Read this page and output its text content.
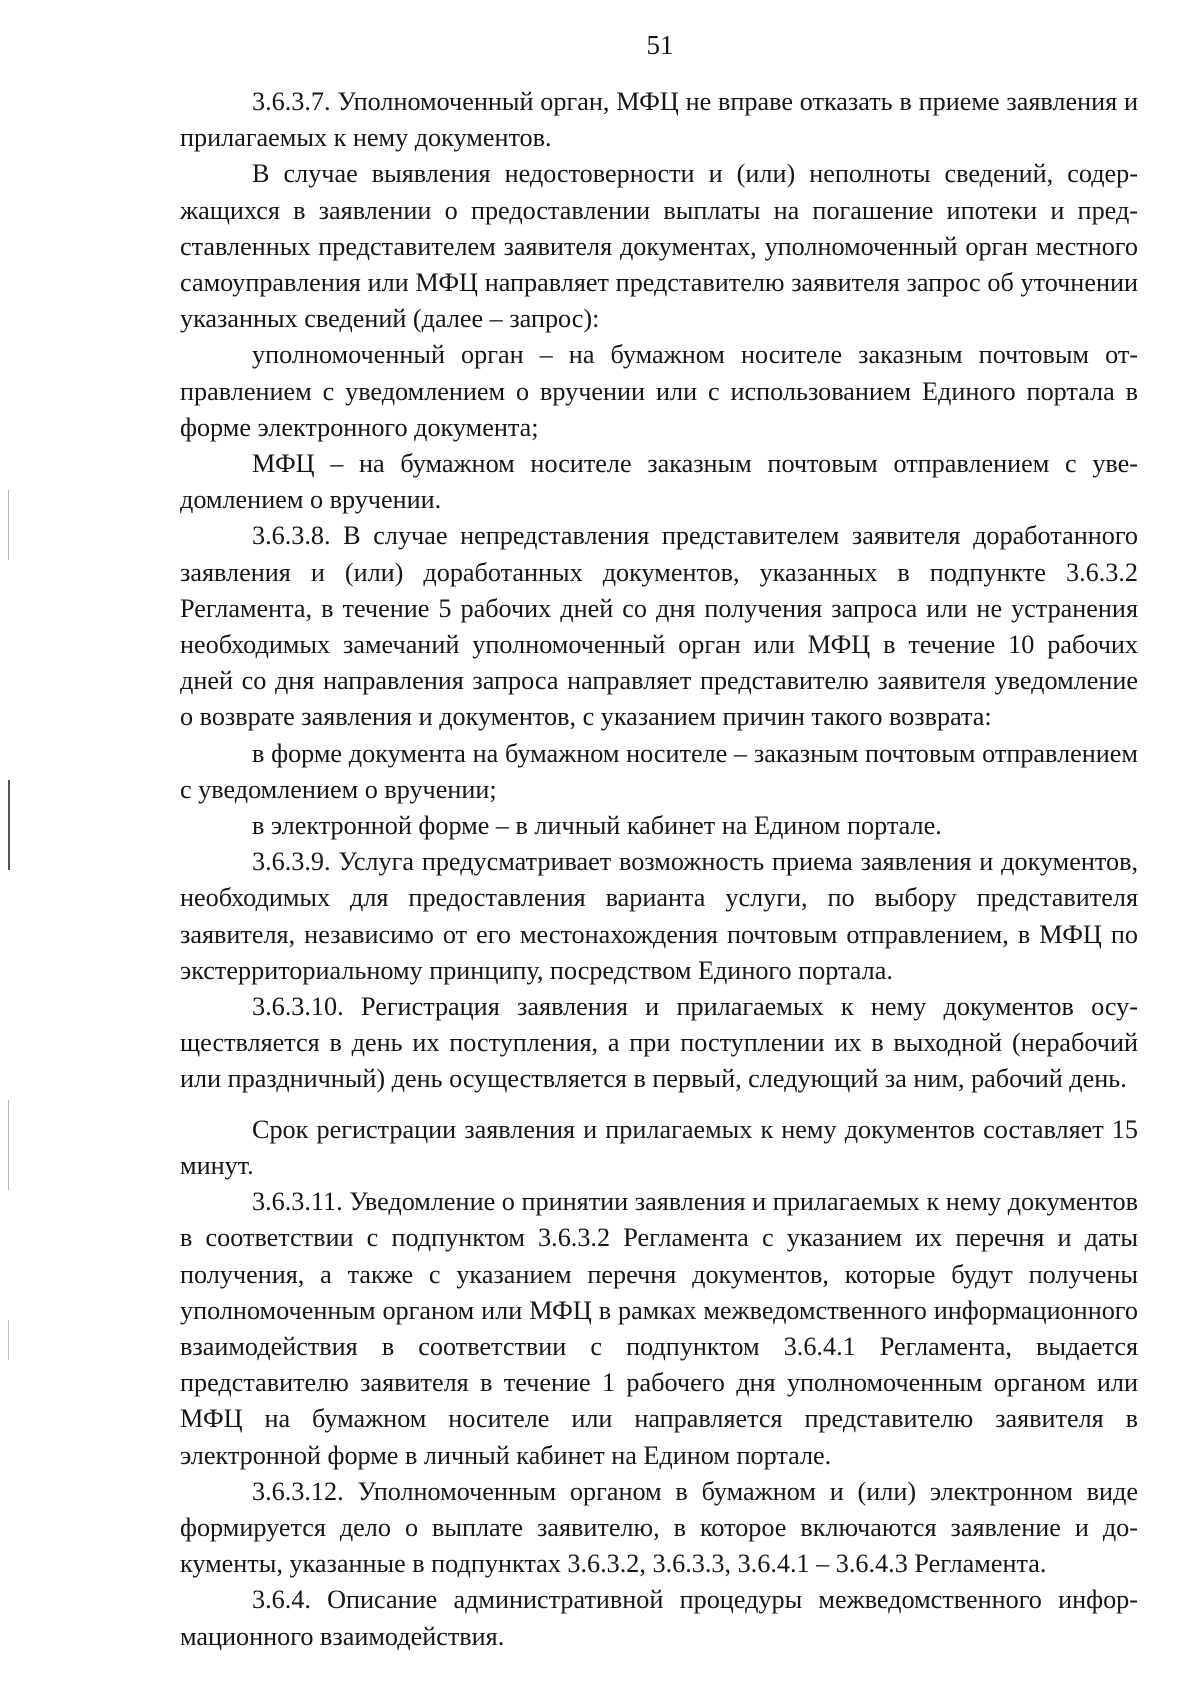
51

3.6.3.7. Уполномоченный орган, МФЦ не вправе отказать в приеме заявления и прилагаемых к нему документов.

В случае выявления недостоверности и (или) неполноты сведений, содержащихся в заявлении о предоставлении выплаты на погашение ипотеки и представленных представителем заявителя документах, уполномоченный орган местного самоуправления или МФЦ направляет представителю заявителя запрос об уточнении указанных сведений (далее – запрос):

уполномоченный орган – на бумажном носителе заказным почтовым отправлением с уведомлением о вручении или с использованием Единого портала в форме электронного документа;

МФЦ – на бумажном носителе заказным почтовым отправлением с уведомлением о вручении.

3.6.3.8. В случае непредставления представителем заявителя доработанного заявления и (или) доработанных документов, указанных в подпункте 3.6.3.2 Регламента, в течение 5 рабочих дней со дня получения запроса или не устранения необходимых замечаний уполномоченный орган или МФЦ в течение 10 рабочих дней со дня направления запроса направляет представителю заявителя уведомление о возврате заявления и документов, с указанием причин такого возврата:

в форме документа на бумажном носителе – заказным почтовым отправлением с уведомлением о вручении;

в электронной форме – в личный кабинет на Едином портале.

3.6.3.9. Услуга предусматривает возможность приема заявления и документов, необходимых для предоставления варианта услуги, по выбору представителя заявителя, независимо от его местонахождения почтовым отправлением, в МФЦ по экстерриториальному принципу, посредством Единого портала.

3.6.3.10. Регистрация заявления и прилагаемых к нему документов осуществляется в день их поступления, а при поступлении их в выходной (нерабочий или праздничный) день осуществляется в первый, следующий за ним, рабочий день.

Срок регистрации заявления и прилагаемых к нему документов составляет 15 минут.

3.6.3.11. Уведомление о принятии заявления и прилагаемых к нему документов в соответствии с подпунктом 3.6.3.2 Регламента с указанием их перечня и даты получения, а также с указанием перечня документов, которые будут получены уполномоченным органом или МФЦ в рамках межведомственного информационного взаимодействия в соответствии с подпунктом 3.6.4.1 Регламента, выдается представителю заявителя в течение 1 рабочего дня уполномоченным органом или МФЦ на бумажном носителе или направляется представителю заявителя в электронной форме в личный кабинет на Едином портале.

3.6.3.12. Уполномоченным органом в бумажном и (или) электронном виде формируется дело о выплате заявителю, в которое включаются заявление и документы, указанные в подпунктах 3.6.3.2, 3.6.3.3, 3.6.4.1 – 3.6.4.3 Регламента.

3.6.4. Описание административной процедуры межведомственного информационного взаимодействия.
